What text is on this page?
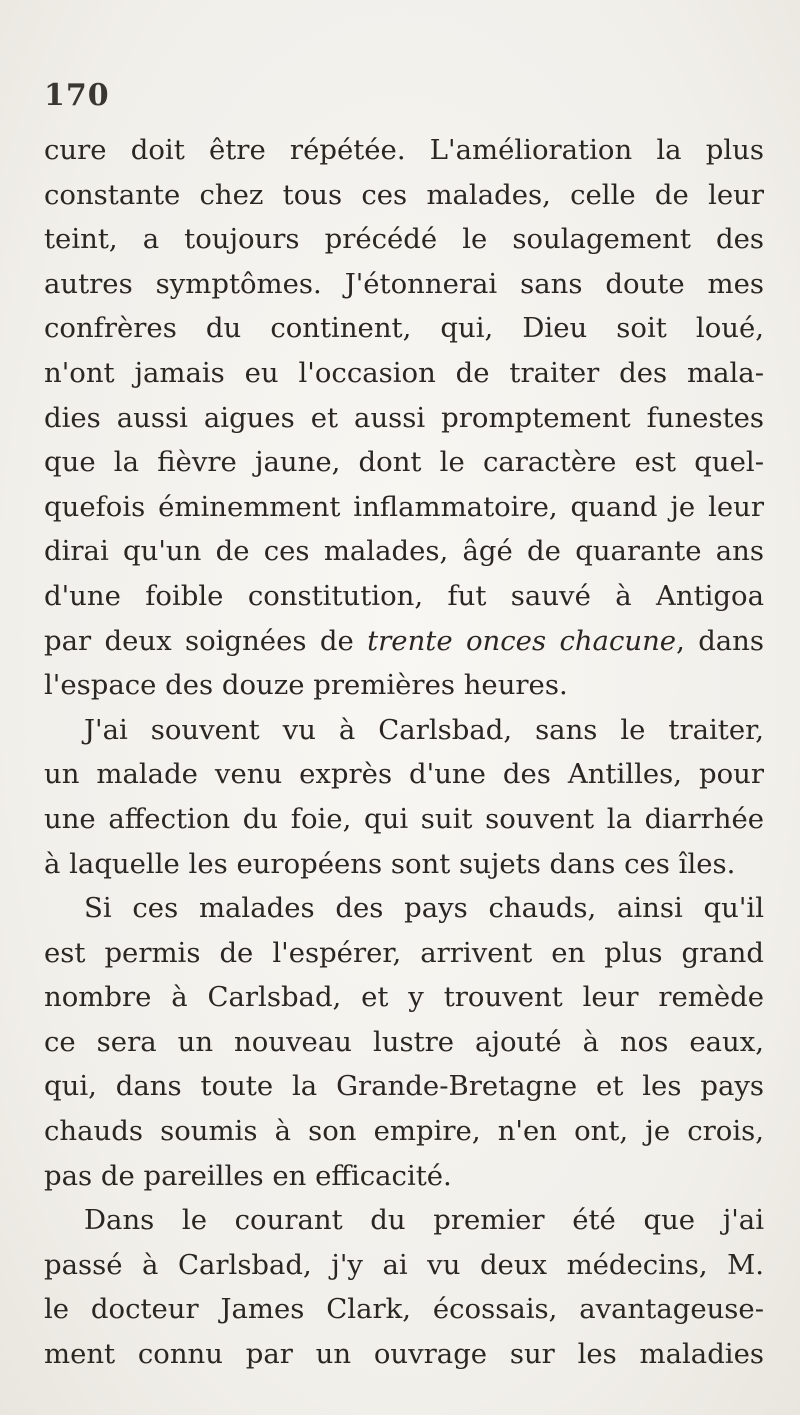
170
cure doit être répétée. L'amélioration la plus
constante chez tous ces malades, celle de leur
teint, a toujours précédé le soulagement des
autres symptômes. J'étonnerai sans doute mes
confrères du continent, qui, Dieu soit loué,
n'ont jamais eu l'occasion de traiter des mala-
dies aussi aigues et aussi promptement funestes
que la fièvre jaune, dont le caractère est quel-
quefois éminemment inflammatoire, quand je leur
dirai qu'un de ces malades, âgé de quarante ans
d'une foible constitution, fut sauvé à Antigoa
par deux soignées de trente onces chacune, dans
l'espace des douze premières heures.
J'ai souvent vu à Carlsbad, sans le traiter,
un malade venu exprès d'une des Antilles, pour
une affection du foie, qui suit souvent la diarrhée
à laquelle les européens sont sujets dans ces îles.
Si ces malades des pays chauds, ainsi qu'il
est permis de l'espérer, arrivent en plus grand
nombre à Carlsbad, et y trouvent leur remède
ce sera un nouveau lustre ajouté à nos eaux,
qui, dans toute la Grande-Bretagne et les pays
chauds soumis à son empire, n'en ont, je crois,
pas de pareilles en efficacité.
Dans le courant du premier été que j'ai
passé à Carlsbad, j'y ai vu deux médecins, M.
le docteur James Clark, écossais, avantageuse-
ment connu par un ouvrage sur les maladies
